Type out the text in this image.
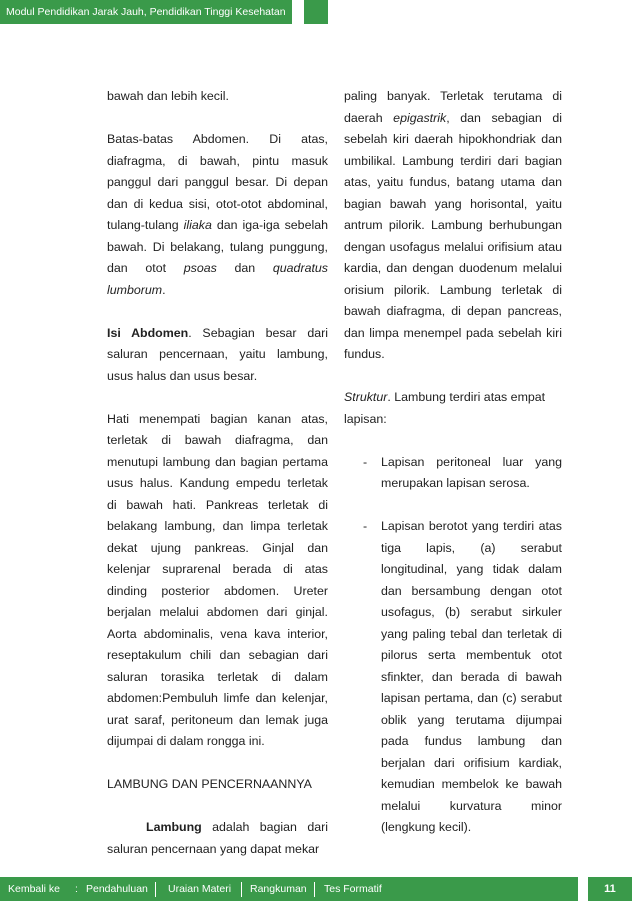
Modul Pendidikan Jarak Jauh, Pendidikan Tinggi Kesehatan

bawah dan lebih kecil.

Batas-batas Abdomen. Di atas, diafragma, di bawah, pintu masuk panggul dari panggul besar. Di depan dan di kedua sisi, otot-otot abdominal, tulang-tulang iliaka dan iga-iga sebelah bawah. Di belakang, tulang punggung, dan otot psoas dan quadratus lumborum.

Isi Abdomen. Sebagian besar dari saluran pencernaan, yaitu lambung, usus halus dan usus besar.

Hati menempati bagian kanan atas, terletak di bawah diafragma, dan menutupi lambung dan bagian pertama usus halus. Kandung empedu terletak di bawah hati. Pankreas terletak di belakang lambung, dan limpa terletak dekat ujung pankreas. Ginjal dan kelenjar suprarenal berada di atas dinding posterior abdomen. Ureter berjalan melalui abdomen dari ginjal. Aorta abdominalis, vena kava interior, reseptakulum chili dan sebagian dari saluran torasika terletak di dalam abdomen:Pembuluh limfe dan kelenjar, urat saraf, peritoneum dan lemak juga dijumpai di dalam rongga ini.

LAMBUNG DAN PENCERNAANNYA

Lambung adalah bagian dari saluran pencernaan yang dapat mekar

paling banyak. Terletak terutama di daerah epigastrik, dan sebagian di sebelah kiri daerah hipokhondriak dan umbilikal. Lambung terdiri dari bagian atas, yaitu fundus, batang utama dan bagian bawah yang horisontal, yaitu antrum pilorik. Lambung berhubungan dengan usofagus melalui orifisium atau kardia, dan dengan duodenum melalui orisium pilorik. Lambung terletak di bawah diafragma, di depan pancreas, dan limpa menempel pada sebelah kiri fundus.

Struktur. Lambung terdiri atas empat lapisan:

- Lapisan peritoneal luar yang merupakan lapisan serosa.
- Lapisan berotot yang terdiri atas tiga lapis, (a) serabut longitudinal, yang tidak dalam dan bersambung dengan otot usofagus, (b) serabut sirkuler yang paling tebal dan terletak di pilorus serta membentuk otot sfinkter, dan berada di bawah lapisan pertama, dan (c) serabut oblik yang terutama dijumpai pada fundus lambung dan berjalan dari orifisium kardiak, kemudian membelok ke bawah melalui kurvatura minor (lengkung kecil).
Kembali ke : Pendahuluan Uraian Materi Rangkuman Tes Formatif	11
